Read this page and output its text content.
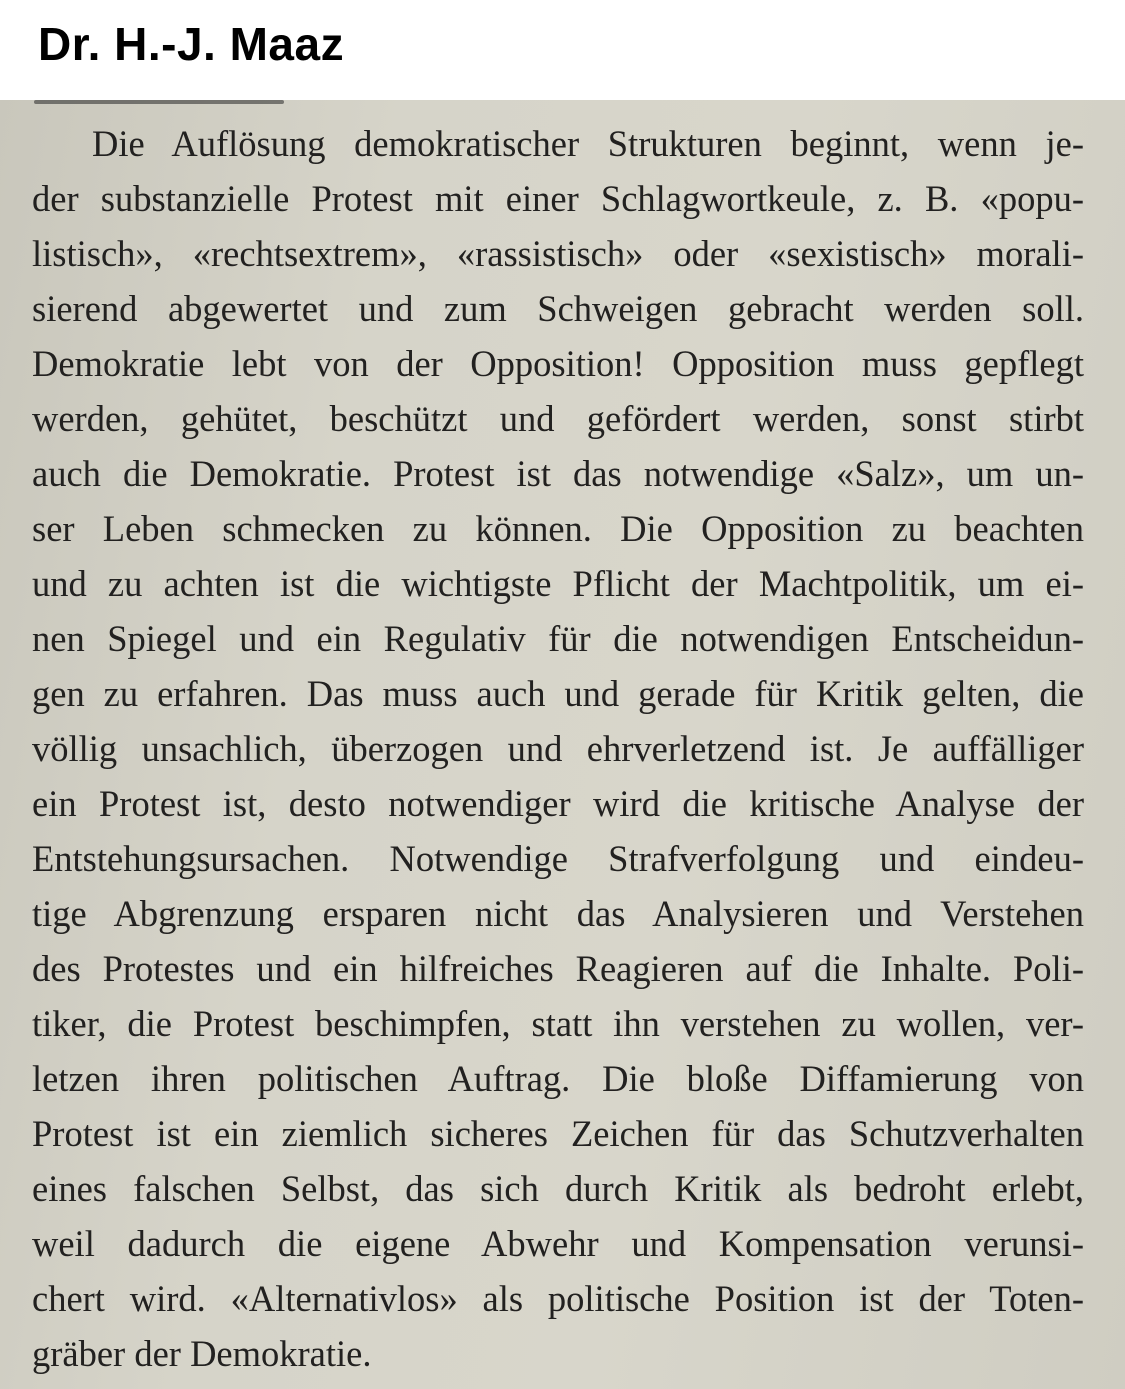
Dr. H.-J. Maaz
Die Auflösung demokratischer Strukturen beginnt, wenn je-
der substanzielle Protest mit einer Schlagwortkeule, z. B. «popu-
listisch», «rechtsextrem», «rassistisch» oder «sexistisch» morali-
sierend abgewertet und zum Schweigen gebracht werden soll.
Demokratie lebt von der Opposition! Opposition muss gepflegt
werden, gehütet, beschützt und gefördert werden, sonst stirbt
auch die Demokratie. Protest ist das notwendige «Salz», um un-
ser Leben schmecken zu können. Die Opposition zu beachten
und zu achten ist die wichtigste Pflicht der Machtpolitik, um ei-
nen Spiegel und ein Regulativ für die notwendigen Entscheidun-
gen zu erfahren. Das muss auch und gerade für Kritik gelten, die
völlig unsachlich, überzogen und ehrverletzend ist. Je auffälliger
ein Protest ist, desto notwendiger wird die kritische Analyse der
Entstehungsursachen. Notwendige Strafverfolgung und eindeu-
tige Abgrenzung ersparen nicht das Analysieren und Verstehen
des Protestes und ein hilfreiches Reagieren auf die Inhalte. Poli-
tiker, die Protest beschimpfen, statt ihn verstehen zu wollen, ver-
letzen ihren politischen Auftrag. Die bloße Diffamierung von
Protest ist ein ziemlich sicheres Zeichen für das Schutzverhalten
eines falschen Selbst, das sich durch Kritik als bedroht erlebt,
weil dadurch die eigene Abwehr und Kompensation verunsi-
chert wird. «Alternativlos» als politische Position ist der Toten-
gräber der Demokratie.
